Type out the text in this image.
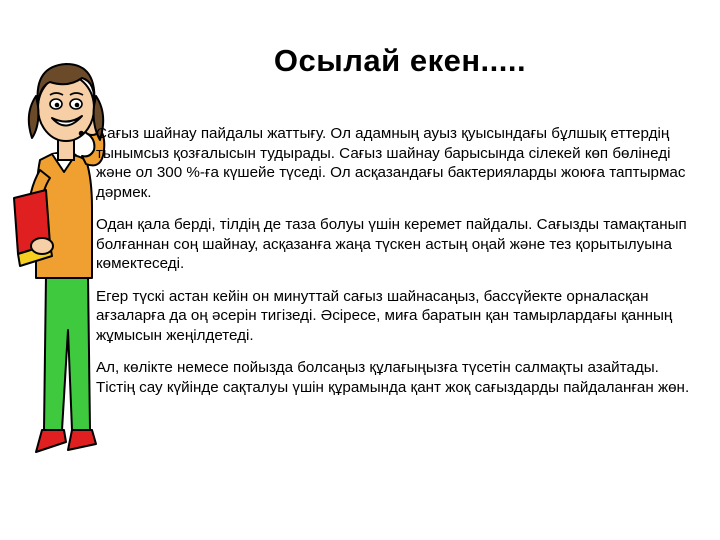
Осылай екен.....
• Сағыз шайнау пайдалы жаттығу. Ол адамның ауыз қуысындағы бұлшық еттердің тынымсыз қозғалысын тудырады. Сағыз шайнау барысында сілекей көп бөлінеді және ол 300 %-ға күшейе түседі. Ол асқазандағы бактерияларды жоюға таптырмас дәрмек.
Одан қала берді, тілдің де таза болуы үшін керемет пайдалы. Сағызды тамақтанып болғаннан соң шайнау, асқазанға жаңа түскен астың оңай және тез қорытылуына көмектеседі.
Егер түскі астан кейін он минуттай сағыз шайнасаңыз, бассүйекте орналасқан ағзаларға да оң әсерін тигізеді. Әсіресе, миға баратын қан тамырлардағы қанның жұмысын жеңілдетеді.
Ал, көлікте немесе пойызда болсаңыз құлағыңызға түсетін салмақты азайтады. Тістің сау күйінде сақталуы үшін құрамында қант жоқ сағыздарды пайдаланған жөн.
